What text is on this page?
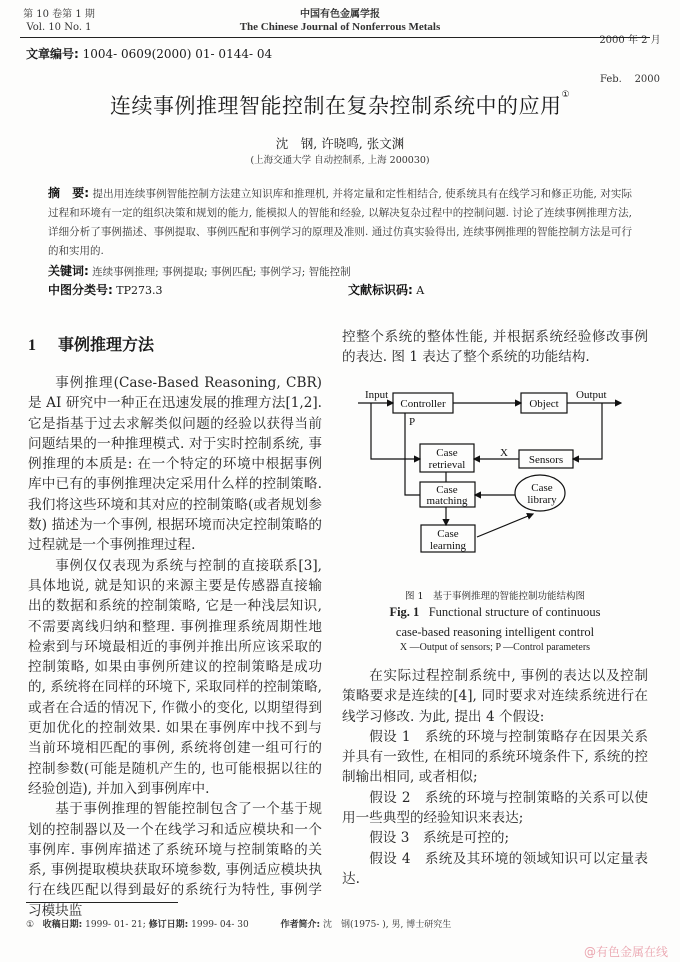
第 10 卷第 1 期
Vol. 10 No. 1
中国有色金属学报
The Chinese Journal of Nonferrous Metals

2000 年 2 月

Feb.    2000

文章编号: 1004- 0609(2000) 01- 0144- 04
连续事例推理智能控制在复杂控制系统中的应用①
沈　钢, 许晓鸣, 张文渊
(上海交通大学 自动控制系, 上海 200030)
摘　要: 提出用连续事例智能控制方法建立知识库和推理机, 并将定量和定性相结合, 使系统具有在线学习和修正功能, 对实际过程和环境有一定的组织决策和规划的能力, 能模拟人的智能和经验, 以解决复杂过程中的控制问题. 讨论了连续事例推理方法, 详细分析了事例描述、事例提取、事例匹配和事例学习的原理及准则. 通过仿真实验得出, 连续事例推理的智能控制方法是可行的和实用的.
关键词: 连续事例推理; 事例提取; 事例匹配; 事例学习; 智能控制
中图分类号: TP273.3	文献标识码: A
1 事例推理方法

事例推理(Case-Based Reasoning, CBR) 是 AI 研究中一种正在迅速发展的推理方法[1,2]. 它是指基于过去求解类似问题的经验以获得当前问题结果的一种推理模式. 对于实时控制系统, 事例推理的本质是: 在一个特定的环境中根据事例库中已有的事例推理决定采用什么样的控制策略. 我们将这些环境和其对应的控制策略(或者规划参数) 描述为一个事例, 根据环境而决定控制策略的过程就是一个事例推理过程.

事例仅仅表现为系统与控制的直接联系[3], 具体地说, 就是知识的来源主要是传感器直接输出的数据和系统的控制策略, 它是一种浅层知识, 不需要离线归纳和整理. 事例推理系统周期性地检索到与环境最相近的事例并推出所应该采取的控制策略, 如果由事例所建议的控制策略是成功的, 系统将在同样的环境下, 采取同样的控制策略, 或者在合适的情况下, 作微小的变化, 以期望得到更加优化的控制效果. 如果在事例库中找不到与当前环境相匹配的事例, 系统将创建一组可行的控制参数(可能是随机产生的, 也可能根据以往的经验创造), 并加入到事例库中.

基于事例推理的智能控制包含了一个基于规划的控制器以及一个在线学习和适应模块和一个事例库. 事例库描述了系统环境与控制策略的关系, 事例提取模块获取环境参数, 事例适应模块执行在线匹配以得到最好的系统行为特性, 事例学习模块监

控整个系统的整体性能, 并根据系统经验修改事例的表达. 图 1 表达了整个系统的功能结构.

Input	Output
Controller	Object
P
X
Sensors
Case
retrieval
Case
matching
Case
learning
Case
library
图 1　基于事例推理的智能控制功能结构图
Fig. 1 Functional structure of continuous
case-based reasoning intelligent control
X —Output of sensors; P —Control parameters

在实际过程控制系统中, 事例的表达以及控制策略要求是连续的[4], 同时要求对连续系统进行在线学习修改. 为此, 提出 4 个假设:

假设 1　系统的环境与控制策略存在因果关系并具有一致性, 在相同的系统环境条件下, 系统的控制输出相同, 或者相似;

假设 2　系统的环境与控制策略的关系可以使用一些典型的经验知识来表达;

假设 3　系统是可控的;

假设 4　系统及其环境的领域知识可以定量表达.

① 收稿日期: 1999- 01- 21; 修订日期: 1999- 04- 30	作者简介: 沈　钢(1975- ), 男, 博士研究生
@有色金属在线
